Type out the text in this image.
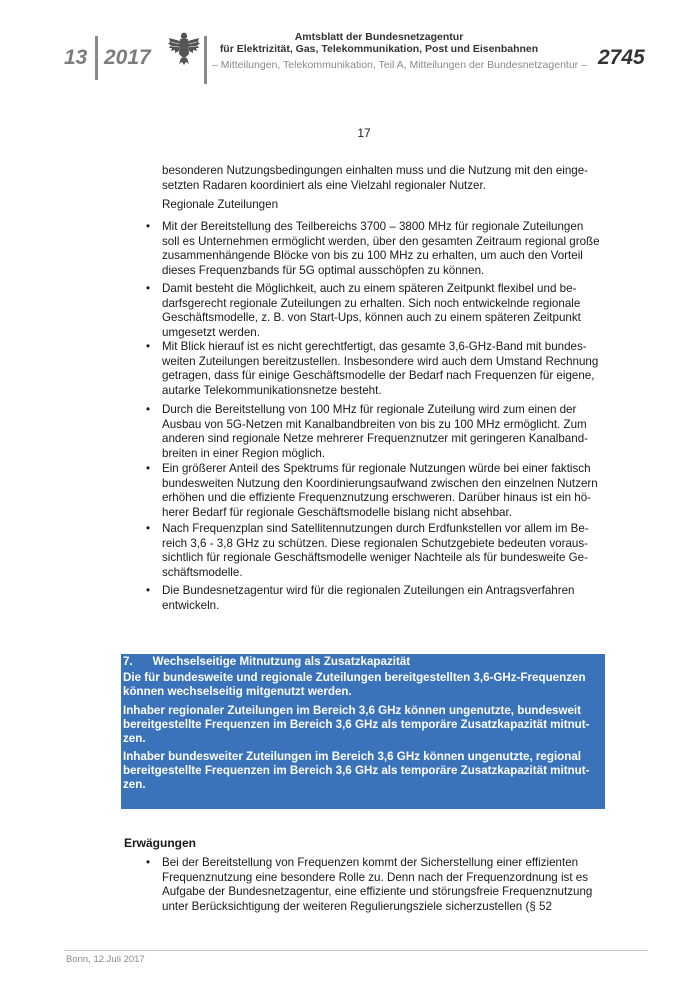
13 2017
Amtsblatt der Bundesnetzagentur
für Elektrizität, Gas, Telekommunikation, Post und Eisenbahnen
– Mitteilungen, Telekommunikation, Teil A, Mitteilungen der Bundesnetzagentur – 2745
17
besonderen Nutzungsbedingungen einhalten muss und die Nutzung mit den einge-
setzten Radaren koordiniert als eine Vielzahl regionaler Nutzer.
Regionale Zuteilungen
• Mit der Bereitstellung des Teilbereichs 3700 – 3800 MHz für regionale Zuteilungen
soll es Unternehmen ermöglicht werden, über den gesamten Zeitraum regional große
zusammenhängende Blöcke von bis zu 100 MHz zu erhalten, um auch den Vorteil
dieses Frequenzbands für 5G optimal ausschöpfen zu können.
• Damit besteht die Möglichkeit, auch zu einem späteren Zeitpunkt flexibel und be-
darfsgerecht regionale Zuteilungen zu erhalten. Sich noch entwickelnde regionale
Geschäftsmodelle, z. B. von Start-Ups, können auch zu einem späteren Zeitpunkt
umgesetzt werden.
• Mit Blick hierauf ist es nicht gerechtfertigt, das gesamte 3,6-GHz-Band mit bundes-
weiten Zuteilungen bereitzustellen. Insbesondere wird auch dem Umstand Rechnung
getragen, dass für einige Geschäftsmodelle der Bedarf nach Frequenzen für eigene,
autarke Telekommunikationsnetze besteht.
• Durch die Bereitstellung von 100 MHz für regionale Zuteilung wird zum einen der
Ausbau von 5G-Netzen mit Kanalbandbreiten von bis zu 100 MHz ermöglicht. Zum
anderen sind regionale Netze mehrerer Frequenznutzer mit geringeren Kanalband-
breiten in einer Region möglich.
• Ein größerer Anteil des Spektrums für regionale Nutzungen würde bei einer faktisch
bundesweiten Nutzung den Koordinierungsaufwand zwischen den einzelnen Nutzern
erhöhen und die effiziente Frequenznutzung erschweren. Darüber hinaus ist ein hö-
herer Bedarf für regionale Geschäftsmodelle bislang nicht absehbar.
• Nach Frequenzplan sind Satellitennutzungen durch Erdfunkstellen vor allem im Be-
reich 3,6 - 3,8 GHz zu schützen. Diese regionalen Schutzgebiete bedeuten voraus-
sichtlich für regionale Geschäftsmodelle weniger Nachteile als für bundesweite Ge-
schäftsmodelle.
• Die Bundesnetzagentur wird für die regionalen Zuteilungen ein Antragsverfahren
entwickeln.
7. Wechselseitige Mitnutzung als Zusatzkapazität
Die für bundesweite und regionale Zuteilungen bereitgestellten 3,6-GHz-Frequenzen
können wechselseitig mitgenutzt werden.
Inhaber regionaler Zuteilungen im Bereich 3,6 GHz können ungenutzte, bundesweit
bereitgestellte Frequenzen im Bereich 3,6 GHz als temporäre Zusatzkapazität mitnut-
zen.
Inhaber bundesweiter Zuteilungen im Bereich 3,6 GHz können ungenutzte, regional
bereitgestellte Frequenzen im Bereich 3,6 GHz als temporäre Zusatzkapazität mitnut-
zen.
Erwägungen
• Bei der Bereitstellung von Frequenzen kommt der Sicherstellung einer effizienten
Frequenznutzung eine besondere Rolle zu. Denn nach der Frequenzordnung ist es
Aufgabe der Bundesnetzagentur, eine effiziente und störungsfreie Frequenznutzung
unter Berücksichtigung der weiteren Regulierungsziele sicherzustellen (§ 52
Bonn, 12.Juli 2017
